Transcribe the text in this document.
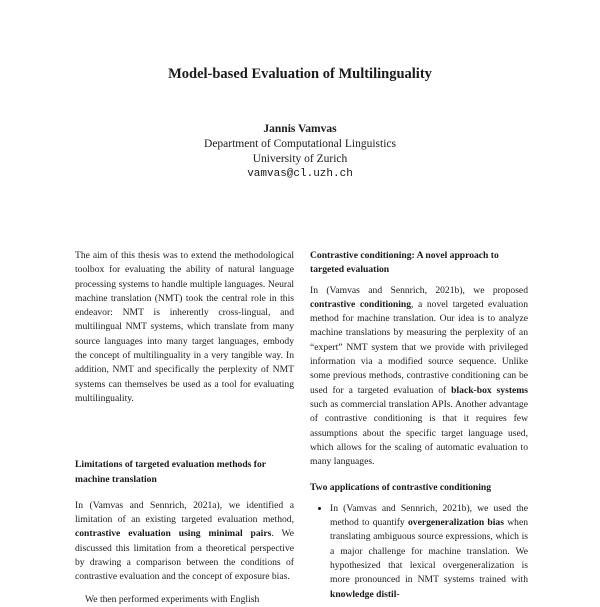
Model-based Evaluation of Multilinguality
Jannis Vamvas
Department of Computational Linguistics
University of Zurich
vamvas@cl.uzh.ch

The aim of this thesis was to extend the methodological toolbox for evaluating the ability of natural language processing systems to handle multiple languages. Neural machine translation (NMT) took the central role in this endeavor: NMT is inherently cross-lingual, and multilingual NMT systems, which translate from many source languages into many target languages, embody the concept of multilinguality in a very tangible way. In addition, NMT and specifically the perplexity of NMT systems can themselves be used as a tool for evaluating multilinguality.

Limitations of targeted evaluation methods for machine translation

In (Vamvas and Sennrich, 2021a), we identified a limitation of an existing targeted evaluation method, contrastive evaluation using minimal pairs. We discussed this limitation from a theoretical perspective by drawing a comparison between the conditions of contrastive evaluation and the concept of exposure bias.

We then performed experiments with English

Contrastive conditioning: A novel approach to targeted evaluation

In (Vamvas and Sennrich, 2021b), we proposed contrastive conditioning, a novel targeted evaluation method for machine translation. Our idea is to analyze machine translations by measuring the perplexity of an “expert” NMT system that we provide with privileged information via a modified source sequence. Unlike some previous methods, contrastive conditioning can be used for a targeted evaluation of black-box systems such as commercial translation APIs. Another advantage of contrastive conditioning is that it requires few assumptions about the specific target language used, which allows for the scaling of automatic evaluation to many languages.

Two applications of contrastive conditioning
• In (Vamvas and Sennrich, 2021b), we used the method to quantify overgeneralization bias when translating ambiguous source expressions, which is a major challenge for machine translation. We hypothesized that lexical overgeneralization is more pronounced in NMT systems trained with knowledge distil-
